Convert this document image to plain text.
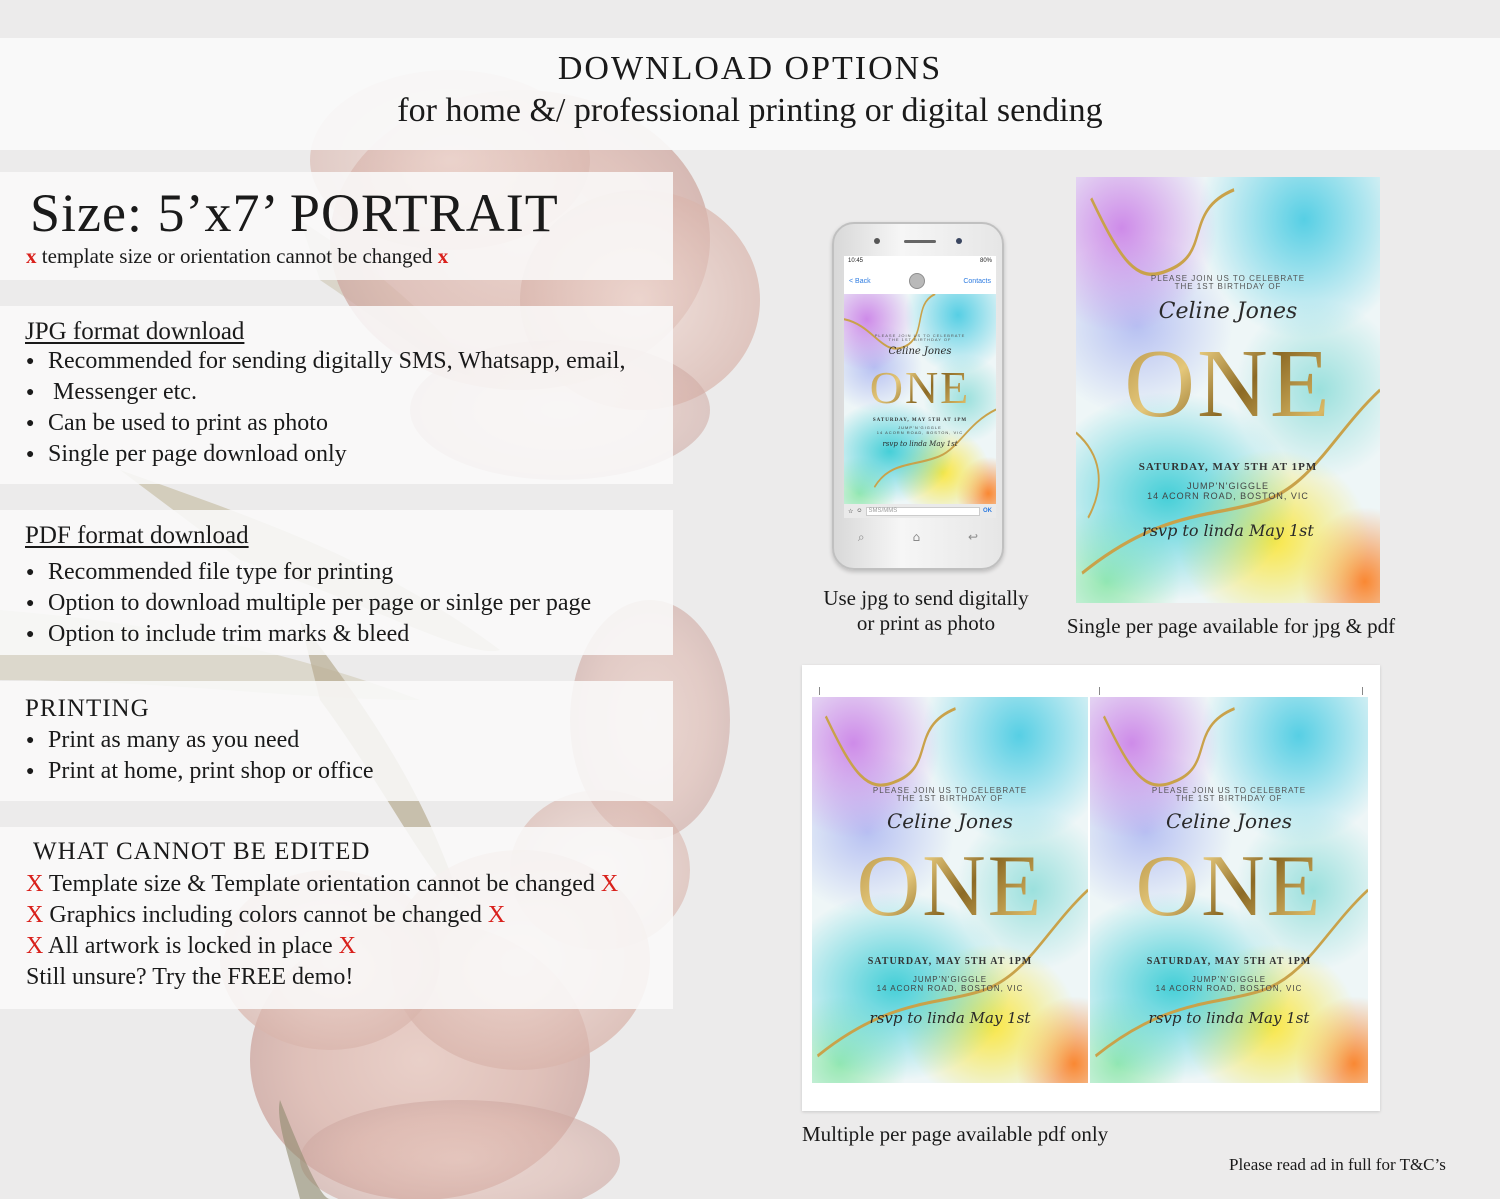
DOWNLOAD OPTIONS
for home &/ professional printing or digital sending
Size: 5’x7’ PORTRAIT
x template size or orientation cannot be changed x
JPG format download
● Recommended for sending digitally SMS, Whatsapp, email,
● Messenger etc.
● Can be used to print as photo
● Single per page download only
PDF format download
● Recommended file type for printing
● Option to download multiple per page or sinlge per page
● Option to include trim marks & bleed
PRINTING
● Print as many as you need
● Print at home, print shop or office
WHAT CANNOT BE EDITED
X Template size & Template orientation cannot be changed X
X Graphics including colors cannot be changed X
X All artwork is locked in place X
Still unsure? Try the FREE demo!
10:45	80%
< Back	Contacts
PLEASE JOIN US TO CELEBRATE
THE 1ST BIRTHDAY OF
Celine Jones
ONE
SATURDAY, MAY 5TH AT 1PM
JUMP'N'GIGGLE
14 ACORN ROAD, BOSTON, VIC
rsvp to linda May 1st
☆ ☺	SMS/MMS	OK
⌕	⌂	↩
Use jpg to send digitally
or print as photo
PLEASE JOIN US TO CELEBRATE
THE 1ST BIRTHDAY OF
Celine Jones
ONE
SATURDAY, MAY 5TH AT 1PM
JUMP'N'GIGGLE
14 ACORN ROAD, BOSTON, VIC
rsvp to linda May 1st
Single per page available for jpg & pdf
PLEASE JOIN US TO CELEBRATE
THE 1ST BIRTHDAY OF
Celine Jones
ONE
SATURDAY, MAY 5TH AT 1PM
JUMP'N'GIGGLE
14 ACORN ROAD, BOSTON, VIC
rsvp to linda May 1st
PLEASE JOIN US TO CELEBRATE
THE 1ST BIRTHDAY OF
Celine Jones
ONE
SATURDAY, MAY 5TH AT 1PM
JUMP'N'GIGGLE
14 ACORN ROAD, BOSTON, VIC
rsvp to linda May 1st
Multiple per page available pdf only
Please read ad in full for T&C’s
